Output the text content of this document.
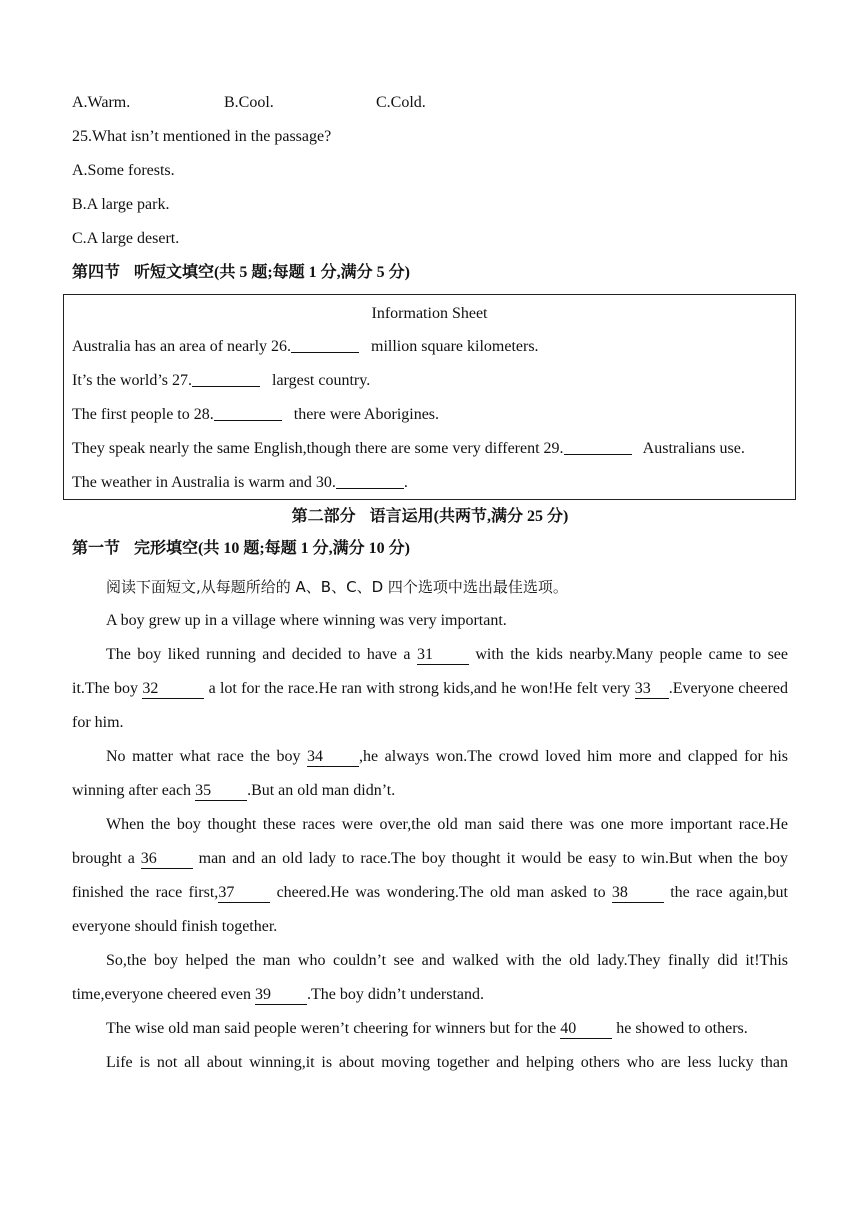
A.Warm.	B.Cool.	C.Cold.
25.What isn’t mentioned in the passage?
A.Some forests.
B.A large park.
C.A large desert.
第四节 听短文填空(共 5 题;每题 1 分,满分 5 分)
Information Sheet
Australia has an area of nearly 26.	million square kilometers.
It’s the world’s 27.	largest country.
The first people to 28.	there were Aborigines.
They speak nearly the same English,though there are some very different 29.	Australians use.
The weather in Australia is warm and 30.	.
第二部分 语言运用(共两节,满分 25 分)
第一节 完形填空(共 10 题;每题 1 分,满分 10 分)
阅读下面短文,从每题所给的 A、B、C、D 四个选项中选出最佳选项。
A boy grew up in a village where winning was very important.
The boy liked running and decided to have a 31 with the kids nearby.Many people came to see it.The boy 32	a lot for the race.He ran with strong kids,and he won!He felt very 33 .Everyone cheered for him.
No matter what race the boy 34 ,he always won.The crowd loved him more and clapped for his winning after each 35 .But an old man didn’t.
When the boy thought these races were over,the old man said there was one more important race.He brought a 36 man and an old lady to race.The boy thought it would be easy to win.But when the boy finished the race first,37 cheered.He was wondering.The old man asked to 38 the race again,but everyone should finish together.
So,the boy helped the man who couldn’t see and walked with the old lady.They finally did it!This time,everyone cheered even 39 .The boy didn’t understand.
The wise old man said people weren’t cheering for winners but for the 40 he showed to others.
Life is not all about winning,it is about moving together and helping others who are less lucky than
